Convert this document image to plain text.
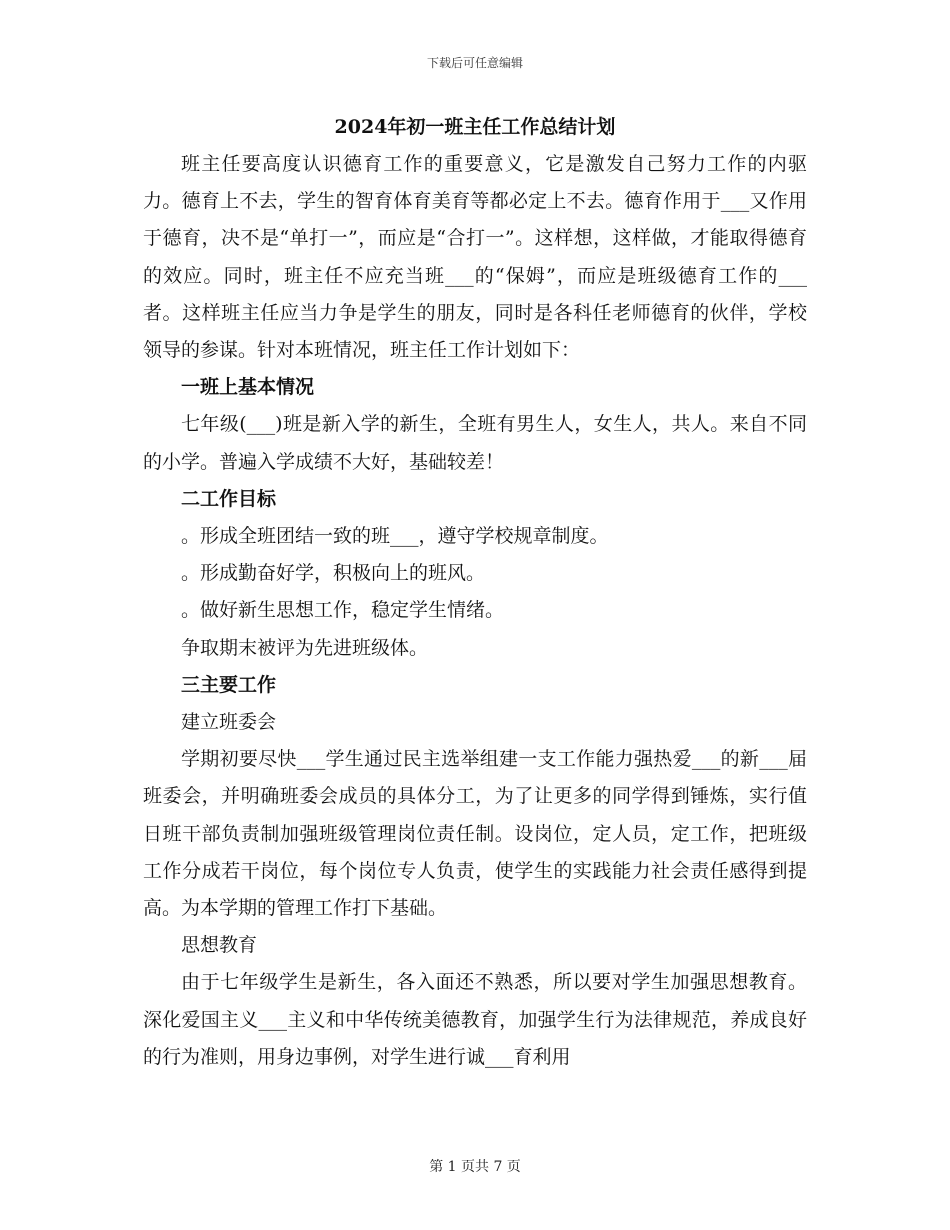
下载后可任意编辑
2024年初一班主任工作总结计划

班主任要高度认识德育工作的重要意义，它是激发自己努力工作的内驱力。德育上不去，学生的智育体育美育等都必定上不去。德育作用于___又作用于德育，决不是“单打一”，而应是“合打一”。这样想，这样做，才能取得德育的效应。同时，班主任不应充当班___的“保姆”，而应是班级德育工作的___者。这样班主任应当力争是学生的朋友，同时是各科任老师德育的伙伴，学校领导的参谋。针对本班情况，班主任工作计划如下：

一班上基本情况

七年级(___)班是新入学的新生，全班有男生人，女生人，共人。来自不同的小学。普遍入学成绩不大好，基础较差！

二工作目标

。形成全班团结一致的班___，遵守学校规章制度。

。形成勤奋好学，积极向上的班风。

。做好新生思想工作，稳定学生情绪。

争取期末被评为先进班级体。

三主要工作

建立班委会

学期初要尽快___学生通过民主选举组建一支工作能力强热爱___的新___届班委会，并明确班委会成员的具体分工，为了让更多的同学得到锤炼，实行值日班干部负责制加强班级管理岗位责任制。设岗位，定人员，定工作，把班级工作分成若干岗位，每个岗位专人负责，使学生的实践能力社会责任感得到提高。为本学期的管理工作打下基础。

思想教育

由于七年级学生是新生，各入面还不熟悉，所以要对学生加强思想教育。深化爱国主义___主义和中华传统美德教育，加强学生行为法律规范，养成良好的行为准则，用身边事例，对学生进行诚___育利用

第 1 页共 7 页
